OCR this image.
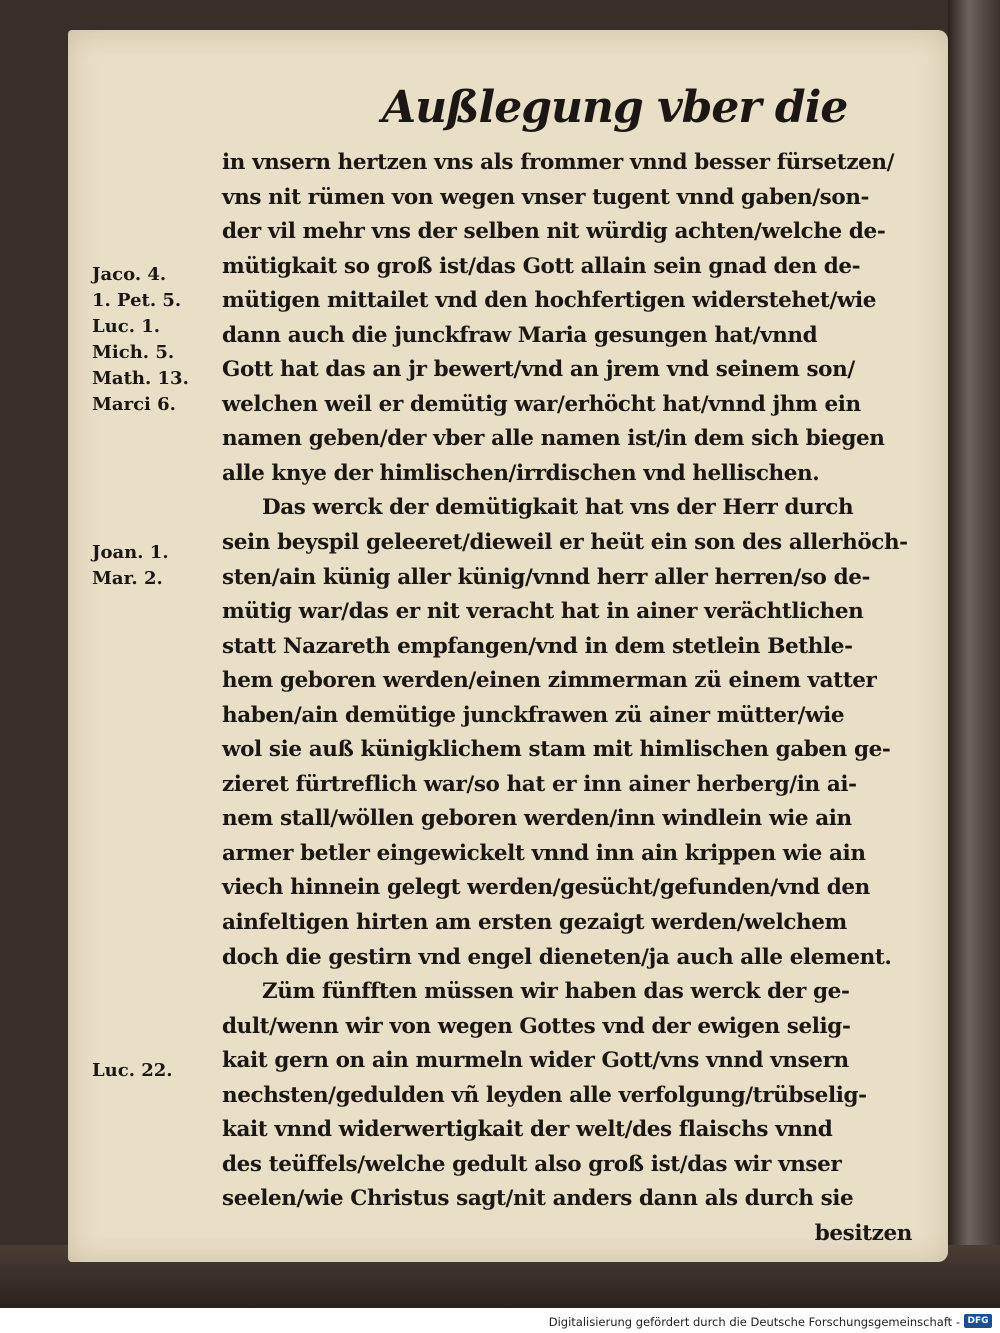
Außlegung vber die
in vnsern hertzen vns als frommer vnnd besser fürsetzen/
vns nit rümen von wegen vnser tugent vnnd gaben/son-
der vil mehr vns der selben nit würdig achten/welche de-
mütigkait so groß ist/das Gott allain sein gnad den de-
mütigen mittailet vnd den hochfertigen widerstehet/wie
dann auch die junckfraw Maria gesungen hat/vnnd
Gott hat das an jr bewert/vnd an jrem vnd seinem son/
welchen weil er demütig war/erhöcht hat/vnnd jhm ein
namen geben/der vber alle namen ist/in dem sich biegen
alle knye der himlischen/irrdischen vnd hellischen.
Das werck der demütigkait hat vns der Herr durch
sein beyspil geleeret/dieweil er heüt ein son des allerhöch-
sten/ain künig aller künig/vnnd herr aller herren/so de-
mütig war/das er nit veracht hat in ainer verächtlichen
statt Nazareth empfangen/vnd in dem stetlein Bethle-
hem geboren werden/einen zimmerman zü einem vatter
haben/ain demütige junckfrawen zü ainer mütter/wie
wol sie auß künigklichem stam mit himlischen gaben ge-
zieret fürtreflich war/so hat er inn ainer herberg/in ai-
nem stall/wöllen geboren werden/inn windlein wie ain
armer betler eingewickelt vnnd inn ain krippen wie ain
viech hinnein gelegt werden/gesücht/gefunden/vnd den
ainfeltigen hirten am ersten gezaigt werden/welchem
doch die gestirn vnd engel dieneten/ja auch alle element.
Züm fünfften müssen wir haben das werck der ge-
dult/wenn wir von wegen Gottes vnd der ewigen selig-
kait gern on ain murmeln wider Gott/vns vnnd vnsern
nechsten/gedulden vñ leyden alle verfolgung/trübselig-
kait vnnd widerwertigkait der welt/des flaischs vnnd
des teüffels/welche gedult also groß ist/das wir vnser
seelen/wie Christus sagt/nit anders dann als durch sie
besitzen
Jaco. 4.
1. Pet. 5.
Luc. 1.
Mich. 5.
Math. 13.
Marci 6.
Joan. 1.
Mar. 2.
Luc. 22.
Digitalisierung gefördert durch die Deutsche Forschungsgemeinschaft - DFG
